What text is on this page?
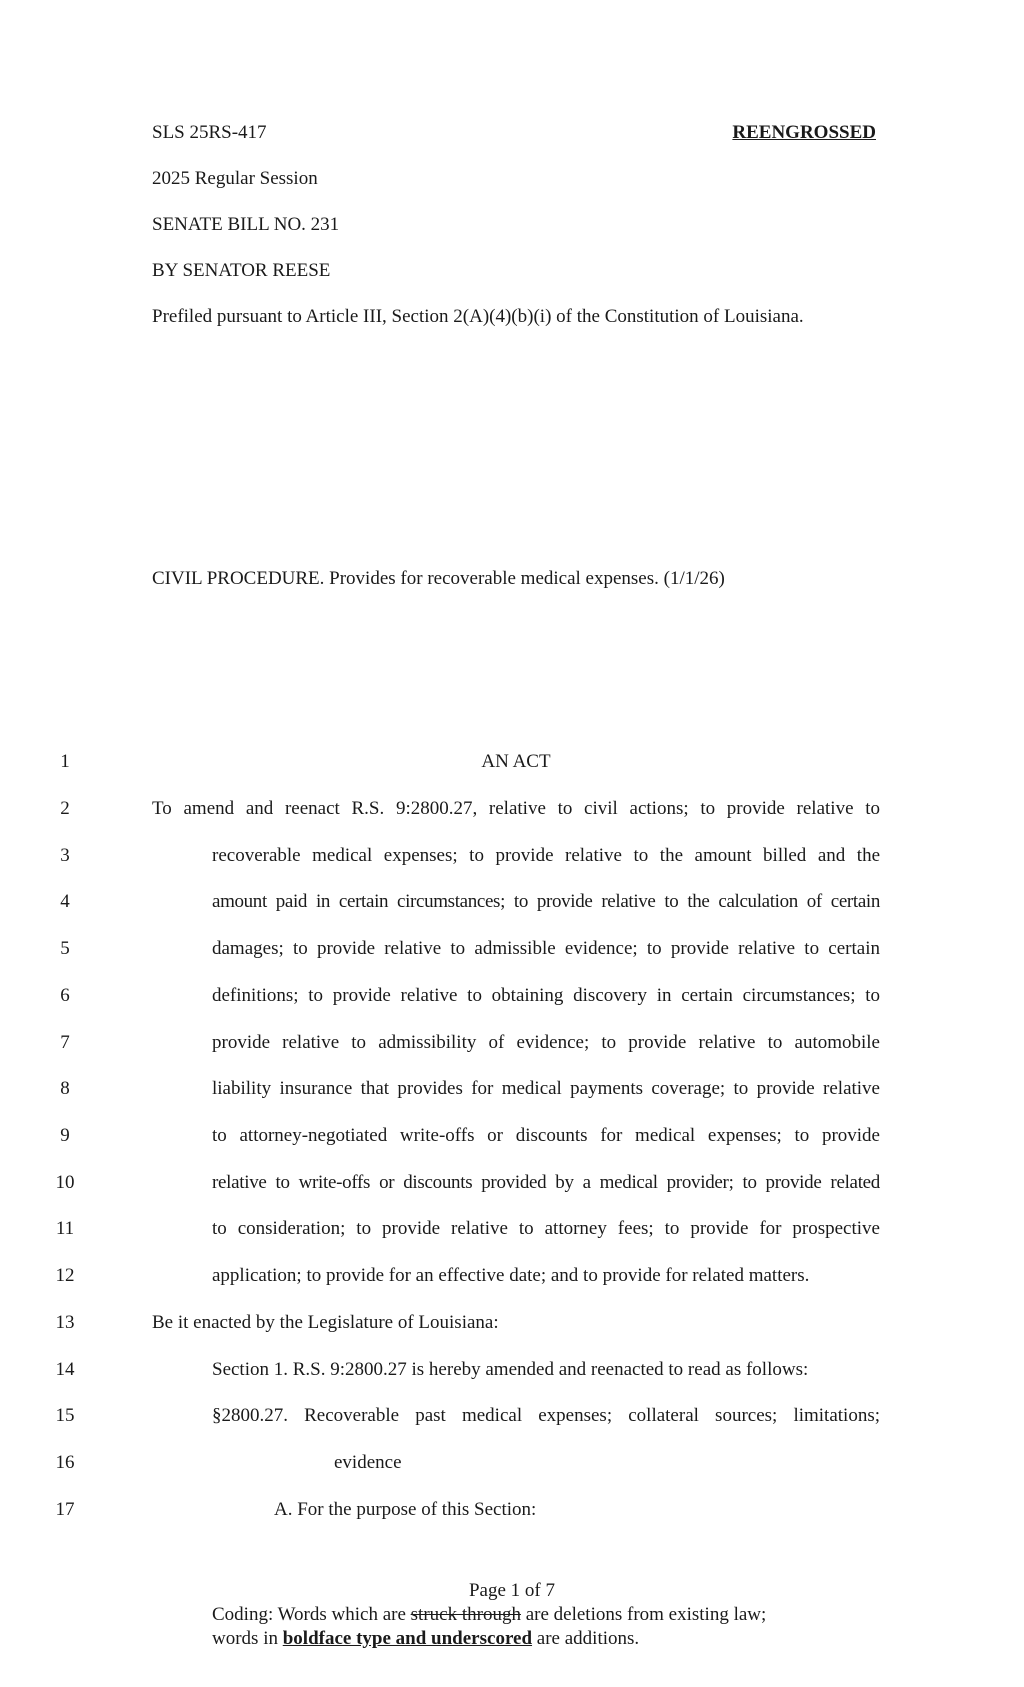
SLS 25RS-417	REENGROSSED
2025 Regular Session
SENATE BILL NO. 231
BY SENATOR REESE
Prefiled pursuant to Article III, Section 2(A)(4)(b)(i) of the Constitution of Louisiana.
CIVIL PROCEDURE. Provides for recoverable medical expenses. (1/1/26)
1	AN ACT
2	To amend and reenact R.S. 9:2800.27, relative to civil actions; to provide relative to
3	recoverable medical expenses; to provide relative to the amount billed and the
4	amount paid in certain circumstances; to provide relative to the calculation of certain
5	damages; to provide relative to admissible evidence; to provide relative to certain
6	definitions; to provide relative to obtaining discovery in certain circumstances; to
7	provide relative to admissibility of evidence; to provide relative to automobile
8	liability insurance that provides for medical payments coverage; to provide relative
9	to attorney-negotiated write-offs or discounts for medical expenses; to provide
10	relative to write-offs or discounts provided by a medical provider; to provide related
11	to consideration; to provide relative to attorney fees; to provide for prospective
12	application; to provide for an effective date; and to provide for related matters.
13	Be it enacted by the Legislature of Louisiana:
14	Section 1. R.S. 9:2800.27 is hereby amended and reenacted to read as follows:
15	§2800.27. Recoverable past medical expenses; collateral sources; limitations;
16	evidence
17	A. For the purpose of this Section:
Page 1 of 7
Coding: Words which are struck through are deletions from existing law;
words in boldface type and underscored are additions.
